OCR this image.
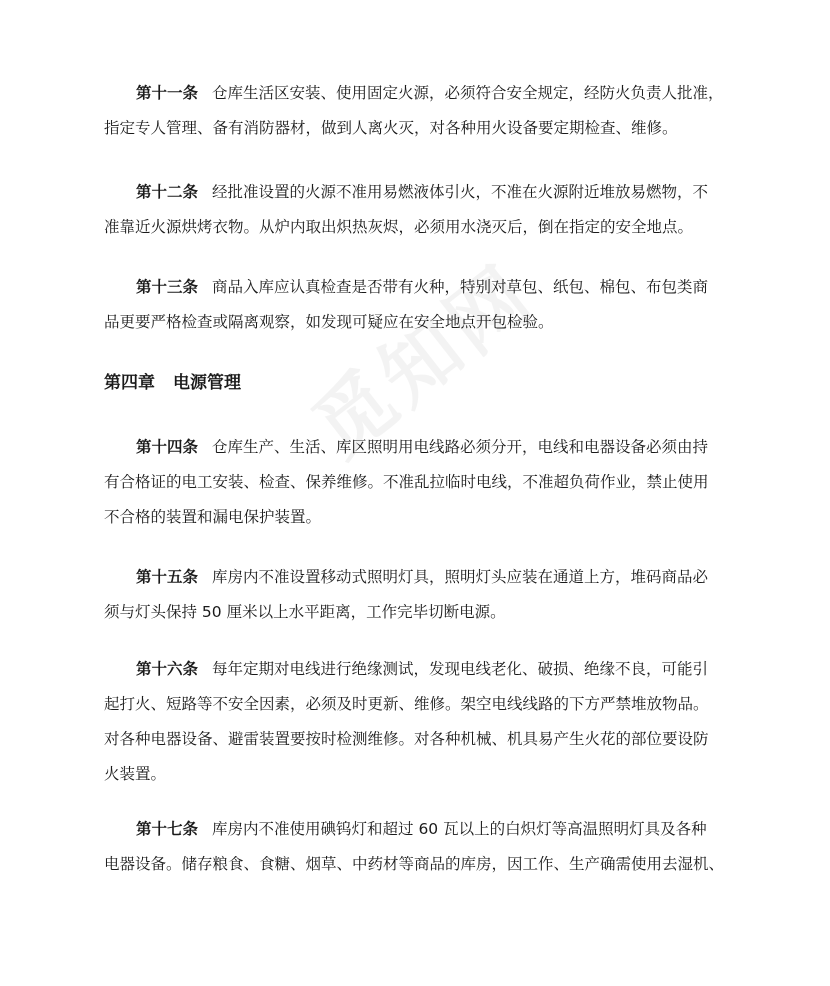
第十一条 仓库生活区安装、使用固定火源，必须符合安全规定，经防火负责人批准，
指定专人管理、备有消防器材，做到人离火灭，对各种用火设备要定期检查、维修。

第十二条 经批准设置的火源不准用易燃液体引火，不准在火源附近堆放易燃物，不
准靠近火源烘烤衣物。从炉内取出炽热灰烬，必须用水浇灭后，倒在指定的安全地点。

第十三条 商品入库应认真检查是否带有火种，特别对草包、纸包、棉包、布包类商
品更要严格检查或隔离观察，如发现可疑应在安全地点开包检验。

第四章 电源管理

第十四条 仓库生产、生活、库区照明用电线路必须分开，电线和电器设备必须由持
有合格证的电工安装、检查、保养维修。不准乱拉临时电线，不准超负荷作业，禁止使用
不合格的装置和漏电保护装置。

第十五条 库房内不准设置移动式照明灯具，照明灯头应装在通道上方，堆码商品必
须与灯头保持 50 厘米以上水平距离，工作完毕切断电源。

第十六条 每年定期对电线进行绝缘测试，发现电线老化、破损、绝缘不良，可能引
起打火、短路等不安全因素，必须及时更新、维修。架空电线线路的下方严禁堆放物品。
对各种电器设备、避雷装置要按时检测维修。对各种机械、机具易产生火花的部位要设防
火装置。

第十七条 库房内不准使用碘钨灯和超过 60 瓦以上的白炽灯等高温照明灯具及各种
电器设备。储存粮食、食糖、烟草、中药材等商品的库房，因工作、生产确需使用去湿机、
